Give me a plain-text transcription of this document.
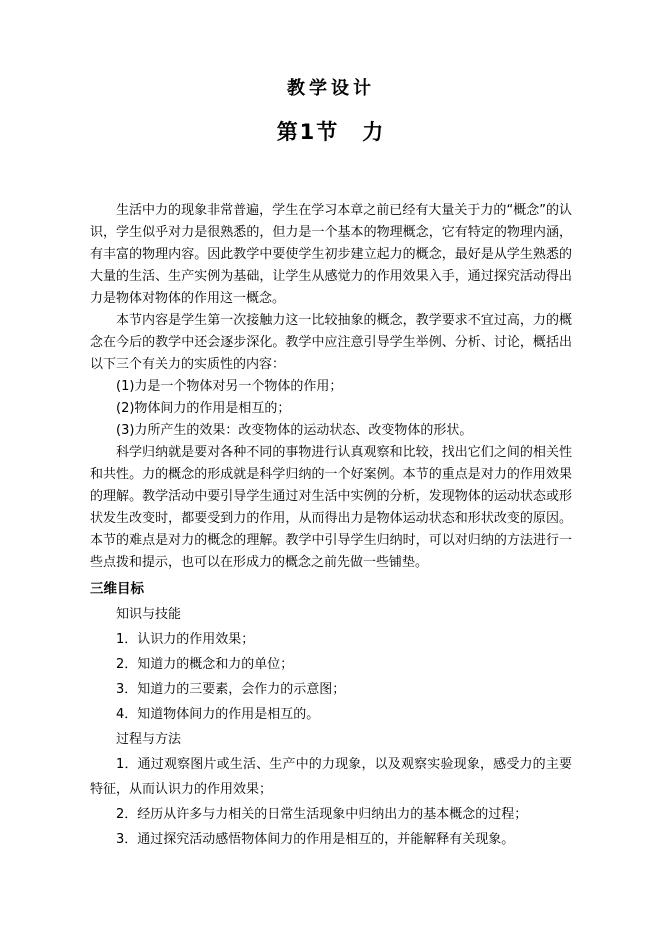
教学设计
第1节　力

生活中力的现象非常普遍，学生在学习本章之前已经有大量关于力的“概念”的认识，学生似乎对力是很熟悉的，但力是一个基本的物理概念，它有特定的物理内涵，有丰富的物理内容。因此教学中要使学生初步建立起力的概念，最好是从学生熟悉的大量的生活、生产实例为基础，让学生从感觉力的作用效果入手，通过探究活动得出力是物体对物体的作用这一概念。

本节内容是学生第一次接触力这一比较抽象的概念，教学要求不宜过高，力的概念在今后的教学中还会逐步深化。教学中应注意引导学生举例、分析、讨论，概括出以下三个有关力的实质性的内容：

(1)力是一个物体对另一个物体的作用；

(2)物体间力的作用是相互的；

(3)力所产生的效果：改变物体的运动状态、改变物体的形状。

科学归纳就是要对各种不同的事物进行认真观察和比较，找出它们之间的相关性和共性。力的概念的形成就是科学归纳的一个好案例。本节的重点是对力的作用效果的理解。教学活动中要引导学生通过对生活中实例的分析，发现物体的运动状态或形状发生改变时，都要受到力的作用，从而得出力是物体运动状态和形状改变的原因。本节的难点是对力的概念的理解。教学中引导学生归纳时，可以对归纳的方法进行一些点拨和提示，也可以在形成力的概念之前先做一些铺垫。

三维目标

知识与技能

1．认识力的作用效果；

2．知道力的概念和力的单位；

3．知道力的三要素，会作力的示意图；

4．知道物体间力的作用是相互的。

过程与方法

1．通过观察图片或生活、生产中的力现象，以及观察实验现象，感受力的主要特征，从而认识力的作用效果；

2．经历从许多与力相关的日常生活现象中归纳出力的基本概念的过程；

3．通过探究活动感悟物体间力的作用是相互的，并能解释有关现象。
